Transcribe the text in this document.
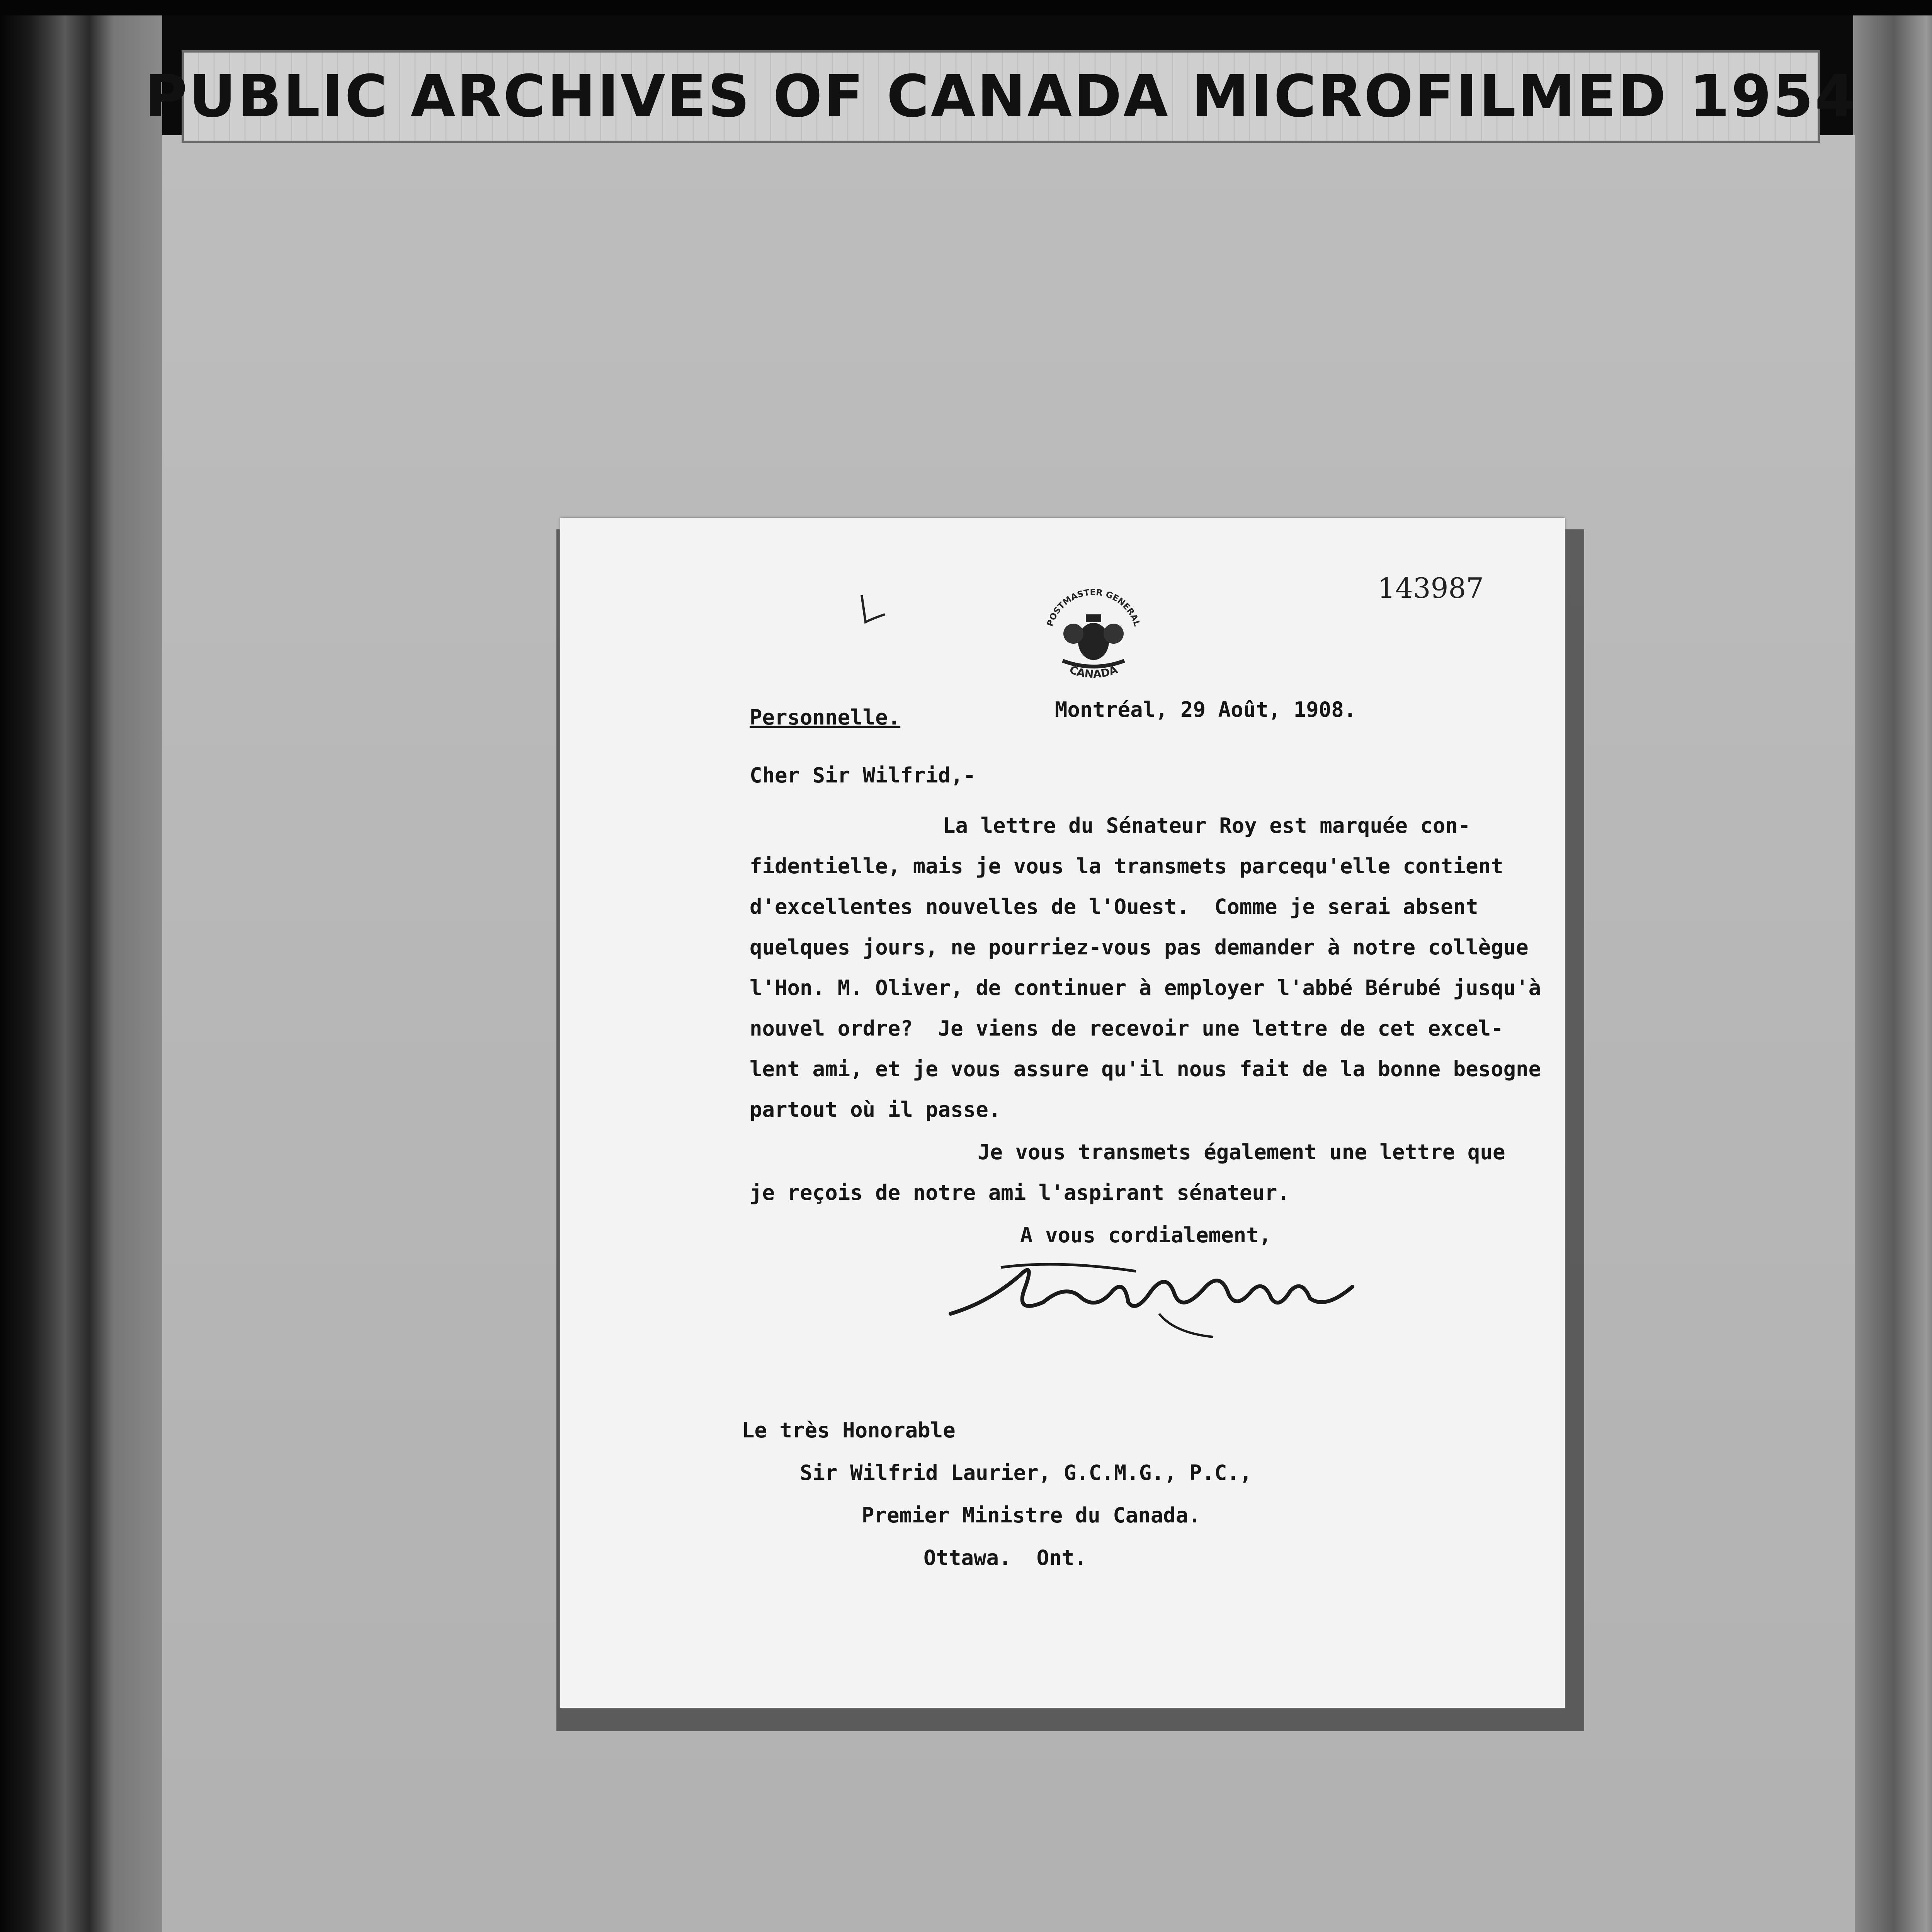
PUBLIC ARCHIVES OF CANADA MICROFILMED 1954
143987
POSTMASTER GENERAL
CANADA
Montréal, 29 Août, 1908.
Personnelle.
Cher Sir Wilfrid,-
La lettre du Sénateur Roy est marquée con-
fidentielle, mais je vous la transmets parcequ'elle contient
d'excellentes nouvelles de l'Ouest.  Comme je serai absent
quelques jours, ne pourriez-vous pas demander à notre collègue
l'Hon. M. Oliver, de continuer à employer l'abbé Bérubé jusqu'à
nouvel ordre?  Je viens de recevoir une lettre de cet excel-
lent ami, et je vous assure qu'il nous fait de la bonne besogne
partout où il passe.
Je vous transmets également une lettre que
je reçois de notre ami l'aspirant sénateur.
A vous cordialement,
Le très Honorable
Sir Wilfrid Laurier, G.C.M.G., P.C.,
Premier Ministre du Canada.
Ottawa.  Ont.
